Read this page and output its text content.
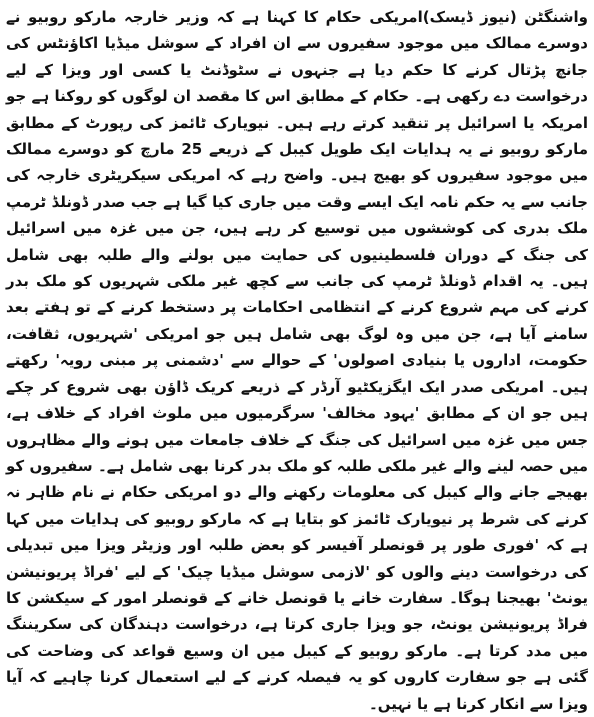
واشنگٹن (نیوز ڈیسک)امریکی حکام کا کہنا ہے کہ وزیر خارجہ مارکو روبیو نے دوسرے ممالک میں موجود سفیروں سے ان افراد کے سوشل میڈیا اکاؤنٹس کی جانچ پڑتال کرنے کا حکم دیا ہے جنہوں نے سٹوڈنٹ یا کسی اور ویزا کے لیے درخواست دے رکھی ہے۔ حکام کے مطابق اس کا مقصد ان لوگوں کو روکنا ہے جو امریکہ یا اسرائیل پر تنقید کرتے رہے ہیں۔ نیویارک ٹائمز کی رپورٹ کے مطابق مارکو روبیو نے یہ ہدایات ایک طویل کیبل کے ذریعے 25 مارچ کو دوسرے ممالک میں موجود سفیروں کو بھیج ہیں۔ واضح رہے کہ امریکی سیکریٹری خارجہ کی جانب سے یہ حکم نامہ ایک ایسے وقت میں جاری کیا گیا ہے جب صدر ڈونلڈ ٹرمپ ملک بدری کی کوششوں میں توسیع کر رہے ہیں، جن میں غزہ میں اسرائیل کی جنگ کے دوران فلسطینیوں کی حمایت میں بولنے والے طلبہ بھی شامل ہیں۔ یہ اقدام ڈونلڈ ٹرمپ کی جانب سے کچھ غیر ملکی شہریوں کو ملک بدر کرنے کی مہم شروع کرنے کے انتظامی احکامات پر دستخط کرنے کے تو ہفتے بعد سامنے آیا ہے، جن میں وہ لوگ بھی شامل ہیں جو امریکی 'شہریوں، ثقافت، حکومت، اداروں یا بنیادی اصولوں' کے حوالے سے 'دشمنی پر مبنی رویہ' رکھتے ہیں۔ امریکی صدر ایک ایگزیکٹیو آرڈر کے ذریعے کریک ڈاؤن بھی شروع کر چکے ہیں جو ان کے مطابق 'یہود مخالف' سرگرمیوں میں ملوث افراد کے خلاف ہے، جس میں غزہ میں اسرائیل کی جنگ کے خلاف جامعات میں ہونے والے مظاہروں میں حصہ لینے والے غیر ملکی طلبہ کو ملک بدر کرنا بھی شامل ہے۔ سفیروں کو بھیجے جانے والے کیبل کی معلومات رکھنے والے دو امریکی حکام نے نام ظاہر نہ کرنے کی شرط پر نیویارک ٹائمز کو بتایا ہے کہ مارکو روبیو کی ہدایات میں کہا ہے کہ 'فوری طور پر قونصلر آفیسر کو بعض طلبہ اور وزیٹر ویزا میں تبدیلی کی درخواست دینے والوں کو 'لازمی سوشل میڈیا چیک' کے لیے 'فراڈ پریونیشن یونٹ' بھیجنا ہوگا۔ سفارت خانے یا قونصل خانے کے قونصلر امور کے سیکشن کا فراڈ پریونیشن یونٹ، جو ویزا جاری کرتا ہے، درخواست دہندگان کی سکریننگ میں مدد کرتا ہے۔ مارکو روبیو کے کیبل میں ان وسیع قواعد کی وضاحت کی گئی ہے جو سفارت کاروں کو یہ فیصلہ کرنے کے لیے استعمال کرنا چاہیے کہ آیا ویزا سے انکار کرنا ہے یا نہیں۔
